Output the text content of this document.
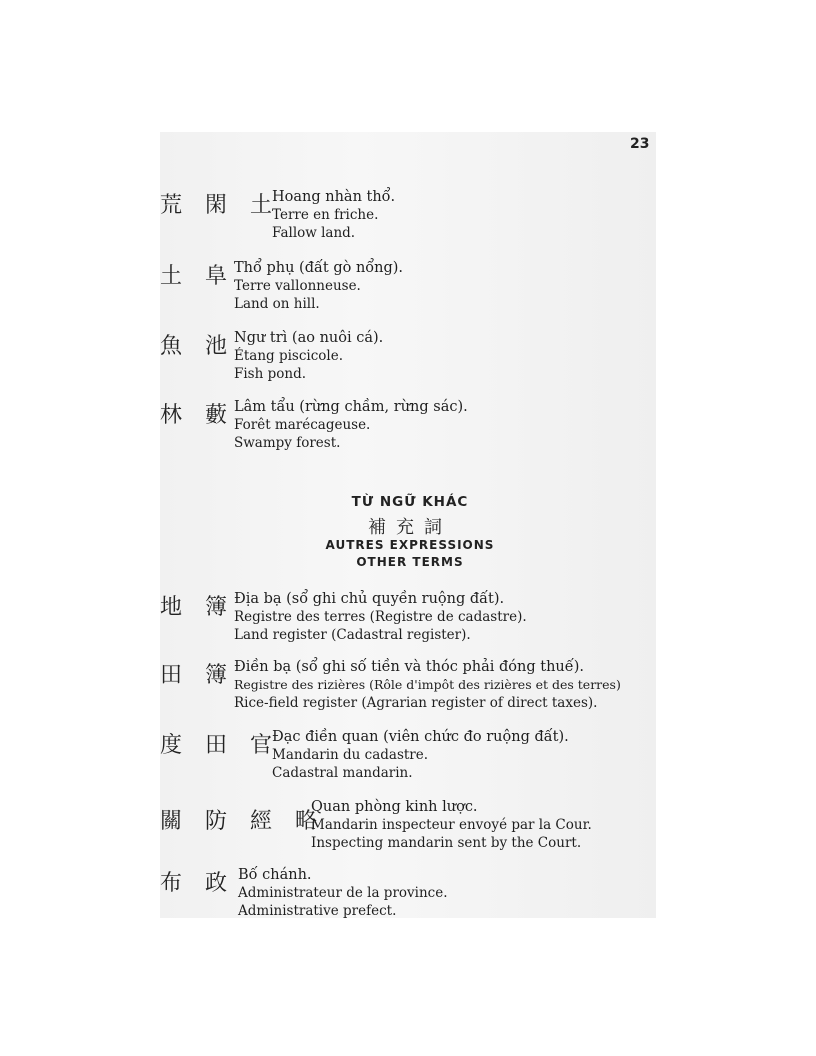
23
荒 閑 土
Hoang nhàn thổ.
Terre en friche.
Fallow land.
土 阜 Thổ phụ (đất gò nổng).
Terre vallonneuse.
Land on hill.
魚 池 Ngư trì (ao nuôi cá).
Étang piscicole.
Fish pond.
林 藪 Lâm tẩu (rừng chầm, rừng sác).
Forêt marécageuse.
Swampy forest.
TỪ NGỮ KHÁC
補充詞
AUTRES EXPRESSIONS
OTHER TERMS
地 簿 Địa bạ (sổ ghi chủ quyền ruộng đất).
Registre des terres (Registre de cadastre).
Land register (Cadastral register).
田 簿 Điền bạ (sổ ghi số tiền và thóc phải đóng thuế).
Registre des rizières (Rôle d'impôt des rizières et des terres)
Rice-field register (Agrarian register of direct taxes).
度 田 官
Đạc điền quan (viên chức đo ruộng đất).
Mandarin du cadastre.
Cadastral mandarin.
關 防 經 略
Quan phòng kinh lược.
Mandarin inspecteur envoyé par la Cour.
Inspecting mandarin sent by the Court.
布 政 Bố chánh.
Administrateur de la province.
Administrative prefect.
